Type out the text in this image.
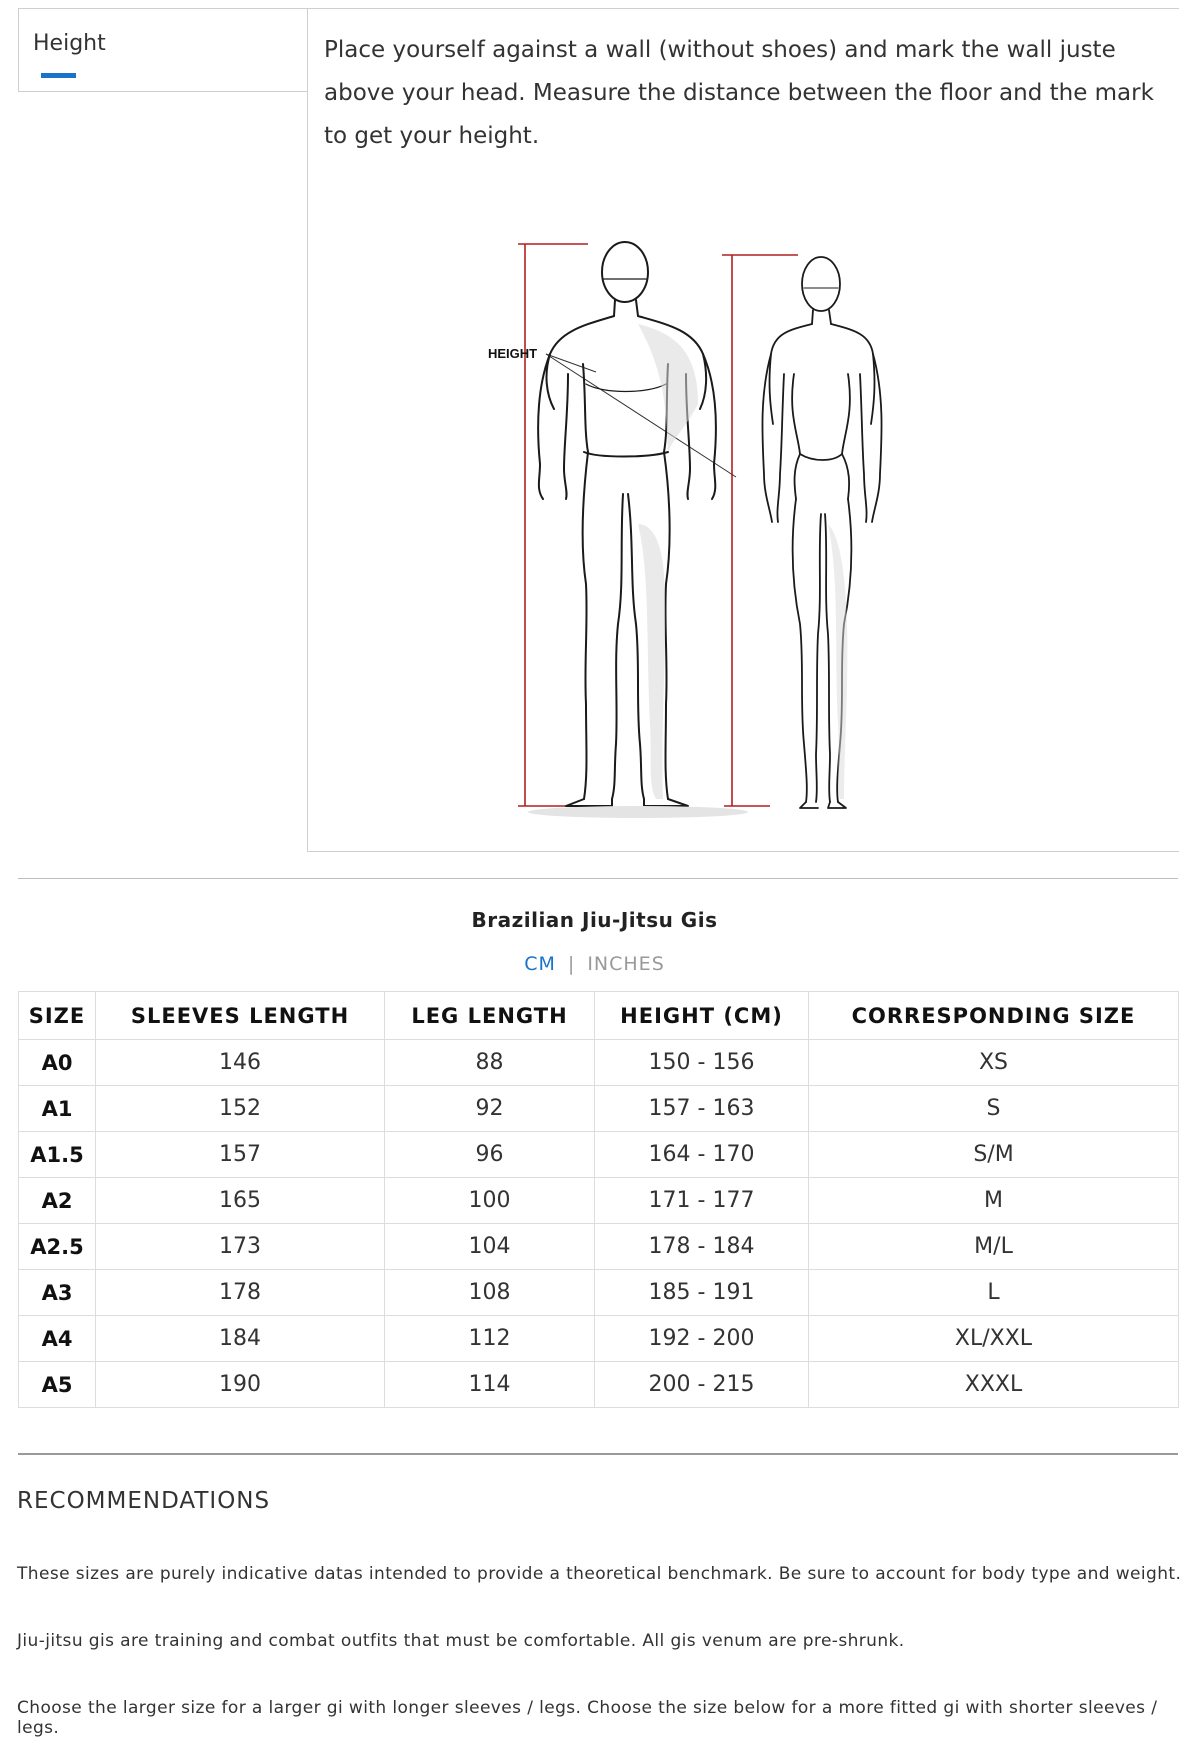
Height	Place yourself against a wall (without shoes) and mark the wall juste above your head. Measure the distance between the floor and the mark to get your height.

HEIGHT
Brazilian Jiu-Jitsu Gis
CM | INCHES
SIZE	SLEEVES LENGTH	LEG LENGTH	HEIGHT (CM)	CORRESPONDING SIZE
A0	146	88	150 - 156	XS
A1	152	92	157 - 163	S
A1.5	157	96	164 - 170	S/M
A2	165	100	171 - 177	M
A2.5	173	104	178 - 184	M/L
A3	178	108	185 - 191	L
A4	184	112	192 - 200	XL/XXL
A5	190	114	200 - 215	XXXL
RECOMMENDATIONS

These sizes are purely indicative datas intended to provide a theoretical benchmark. Be sure to account for body type and weight.

Jiu-jitsu gis are training and combat outfits that must be comfortable. All gis venum are pre-shrunk.

Choose the larger size for a larger gi with longer sleeves / legs. Choose the size below for a more fitted gi with shorter sleeves / legs.
